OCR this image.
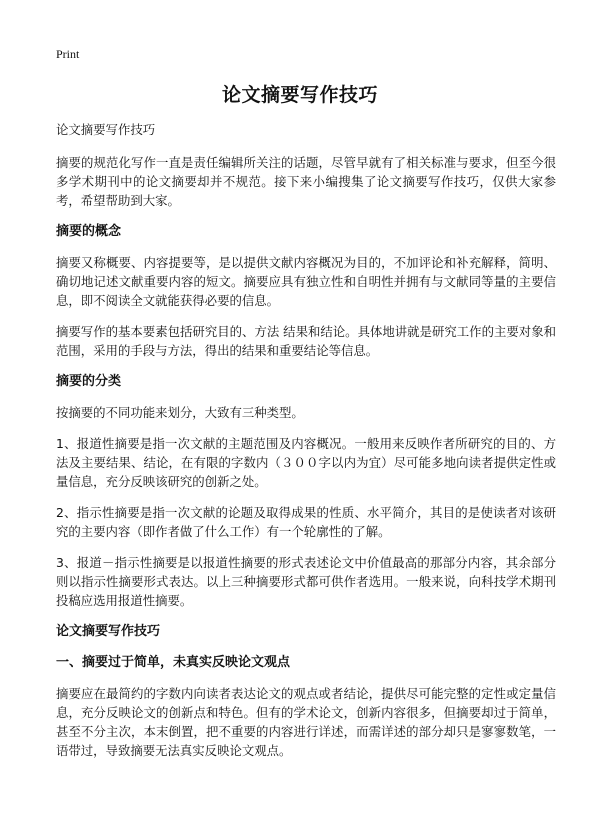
Print
论文摘要写作技巧

论文摘要写作技巧

摘要的规范化写作一直是责任编辑所关注的话题，尽管早就有了相关标准与要求，但至今很多学术期刊中的论文摘要却并不规范。接下来小编搜集了论文摘要写作技巧，仅供大家参考，希望帮助到大家。

摘要的概念

摘要又称概要、内容提要等，是以提供文献内容概况为目的，不加评论和补充解释，简明、确切地记述文献重要内容的短文。摘要应具有独立性和自明性并拥有与文献同等量的主要信息，即不阅读全文就能获得必要的信息。

摘要写作的基本要素包括研究目的、方法 结果和结论。具体地讲就是研究工作的主要对象和范围，采用的手段与方法，得出的结果和重要结论等信息。

摘要的分类

按摘要的不同功能来划分，大致有三种类型。

1、报道性摘要是指一次文献的主题范围及内容概况。一般用来反映作者所研究的目的、方法及主要结果、结论，在有限的字数内（３００字以内为宜）尽可能多地向读者提供定性或量信息，充分反映该研究的创新之处。

2、指示性摘要是指一次文献的论题及取得成果的性质、水平简介，其目的是使读者对该研究的主要内容（即作者做了什么工作）有一个轮廓性的了解。

3、报道－指示性摘要是以报道性摘要的形式表述论文中价值最高的那部分内容，其余部分则以指示性摘要形式表达。以上三种摘要形式都可供作者选用。一般来说，向科技学术期刊投稿应选用报道性摘要。

论文摘要写作技巧
一、摘要过于简单，未真实反映论文观点

摘要应在最简约的字数内向读者表达论文的观点或者结论，提供尽可能完整的定性或定量信息，充分反映论文的创新点和特色。但有的学术论文，创新内容很多，但摘要却过于简单，甚至不分主次，本末倒置，把不重要的内容进行详述，而需详述的部分却只是寥寥数笔，一语带过，导致摘要无法真实反映论文观点。
